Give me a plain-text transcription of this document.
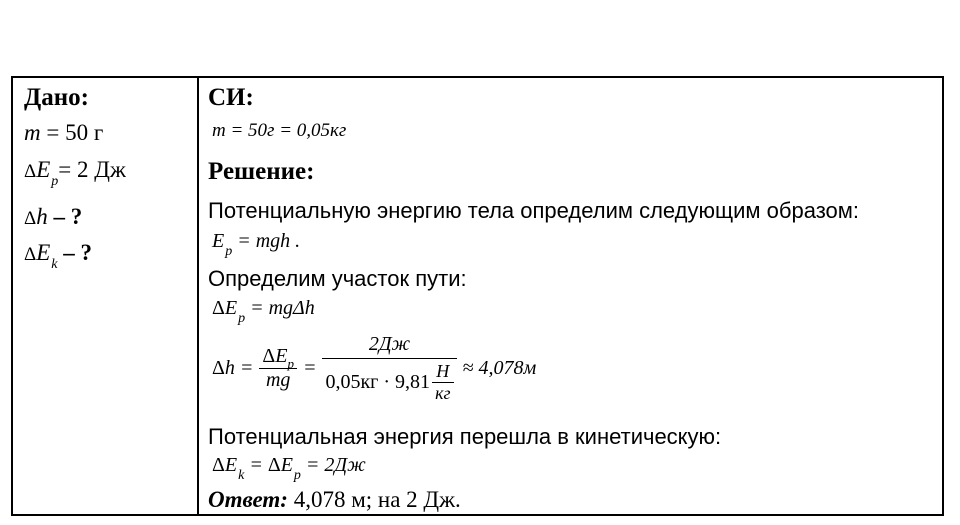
Дано:
m = 50 г
$\Delta E_p= 2$ Дж
Δh – ?
$\Delta E_k$ – ?
СИ:
m = 50г = 0,05кг
Решение:
Потенциальную энергию тела определим следующим образом:
$E_p$ = mgh .
Определим участок пути:
$\Delta E_p = mg\Delta h$
$\Delta h = \frac{\Delta E_p}{mg} = \frac{2Дж}{0,05кг \cdot 9,81 \frac{Н}{кг}} \approx 4,078м$
Потенциальная энергия перешла в кинетическую:
$\Delta E_k = \Delta E_p = 2Дж$
Ответ: 4,078 м; на 2 Дж.
